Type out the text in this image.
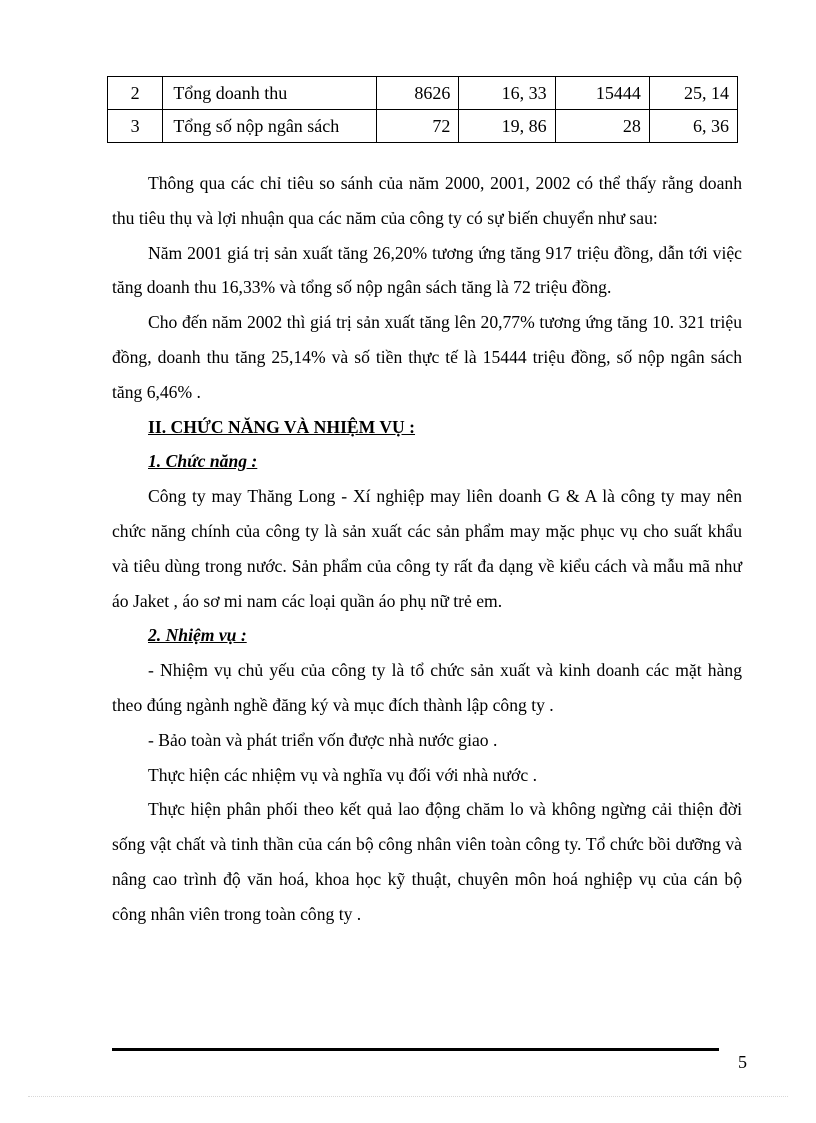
2	Tổng doanh thu	8626	16, 33	15444	25, 14
3	Tổng số nộp ngân sách	72	19, 86	28	6, 36

Thông qua các chỉ tiêu so sánh của năm 2000, 2001, 2002 có thể thấy rằng doanh thu tiêu thụ và lợi nhuận qua các năm của công ty có sự biến chuyển như sau:

Năm 2001 giá trị sản xuất tăng 26,20% tương ứng tăng 917 triệu đồng, dẫn tới việc tăng doanh thu 16,33% và tổng số nộp ngân sách tăng là 72 triệu đồng.

Cho đến năm 2002 thì giá trị sản xuất tăng lên 20,77% tương ứng tăng 10. 321 triệu đồng, doanh thu tăng 25,14% và số tiền thực tế là 15444 triệu đồng, số nộp ngân sách tăng 6,46% .

II. CHỨC NĂNG VÀ NHIỆM VỤ :

1. Chức năng :

Công ty may Thăng Long - Xí nghiệp may liên doanh G & A là công ty may nên chức năng chính của công ty là sản xuất các sản phẩm may mặc phục vụ cho suất khẩu và tiêu dùng trong nước. Sản phẩm của công ty rất đa dạng về kiểu cách và mẫu mã như áo Jaket , áo sơ mi nam các loại quần áo phụ nữ trẻ em.

2. Nhiệm vụ :

- Nhiệm vụ chủ yếu của công ty là tổ chức sản xuất và kinh doanh các mặt hàng theo đúng ngành nghề đăng ký và mục đích thành lập công ty .

- Bảo toàn và phát triển vốn được nhà nước giao .

Thực hiện các nhiệm vụ và nghĩa vụ đối với nhà nước .

Thực hiện phân phối theo kết quả lao động chăm lo và không ngừng cải thiện đời sống vật chất và tinh thần của cán bộ công nhân viên toàn công ty. Tổ chức bồi dưỡng và nâng cao trình độ văn hoá, khoa học kỹ thuật, chuyên môn hoá nghiệp vụ của cán bộ công nhân viên trong toàn công ty .

5
